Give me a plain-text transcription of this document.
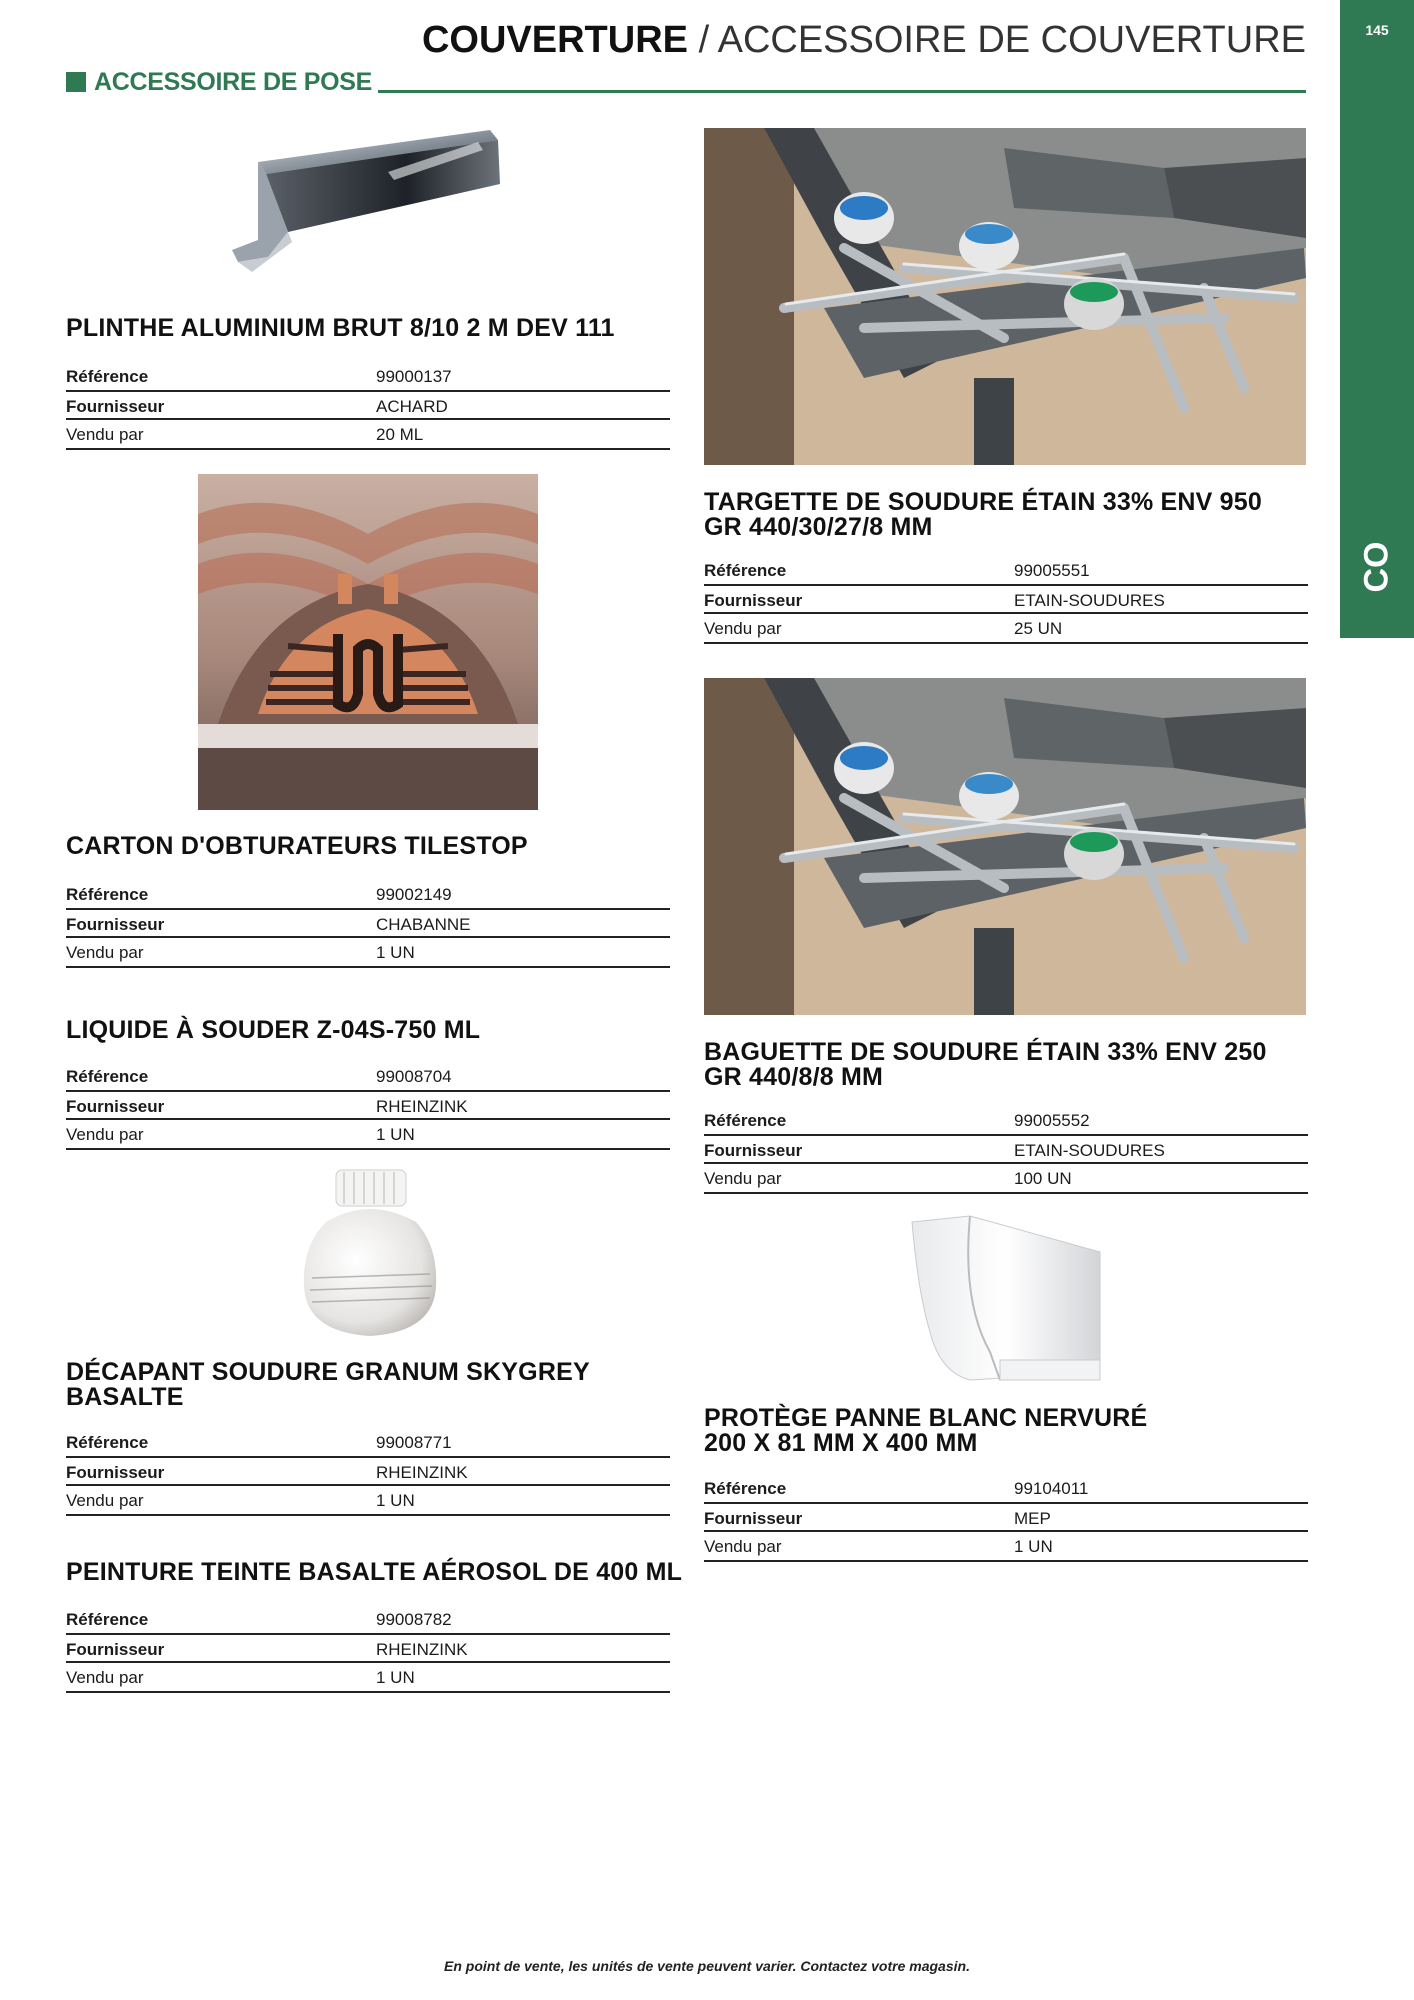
COUVERTURE / ACCESSOIRE DE COUVERTURE	145
CO
ACCESSOIRE DE POSE
PLINTHE ALUMINIUM BRUT 8/10 2 M DEV 111
Référence	99000137
Fournisseur	ACHARD
Vendu par	20 ML
CARTON D'OBTURATEURS TILESTOP
Référence	99002149
Fournisseur	CHABANNE
Vendu par	1 UN
LIQUIDE À SOUDER Z-04S-750 ML
Référence	99008704
Fournisseur	RHEINZINK
Vendu par	1 UN
DÉCAPANT SOUDURE GRANUM SKYGREY
BASALTE
Référence	99008771
Fournisseur	RHEINZINK
Vendu par	1 UN
PEINTURE TEINTE BASALTE AÉROSOL DE 400 ML
Référence	99008782
Fournisseur	RHEINZINK
Vendu par	1 UN
TARGETTE DE SOUDURE ÉTAIN 33% ENV 950
GR 440/30/27/8 MM
Référence	99005551
Fournisseur	ETAIN-SOUDURES
Vendu par	25 UN
BAGUETTE DE SOUDURE ÉTAIN 33% ENV 250
GR 440/8/8 MM
Référence	99005552
Fournisseur	ETAIN-SOUDURES
Vendu par	100 UN
PROTÈGE PANNE BLANC NERVURÉ
200 X 81 MM X 400 MM
Référence	99104011
Fournisseur	MEP
Vendu par	1 UN
En point de vente, les unités de vente peuvent varier. Contactez votre magasin.
